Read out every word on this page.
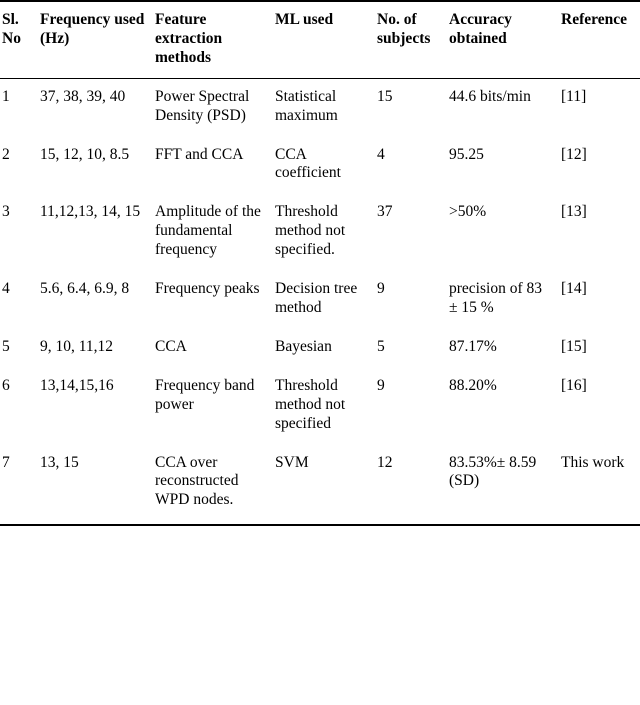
Sl. No	Frequency used (Hz)	Feature extraction methods	ML used	No. of subjects	Accuracy obtained	Reference
1	37, 38, 39, 40	Power Spectral Density (PSD)	Statistical maximum	15	44.6 bits/min	[11]
2	15, 12, 10, 8.5	FFT and CCA	CCA coefficient	4	95.25	[12]
3	11,12,13, 14, 15	Amplitude of the fundamental frequency	Threshold method not specified.	37	>50%	[13]
4	5.6, 6.4, 6.9, 8	Frequency peaks	Decision tree method	9	precision of 83 ± 15 %	[14]
5	9, 10, 11,12	CCA	Bayesian	5	87.17%	[15]
6	13,14,15,16	Frequency band power	Threshold method not specified	9	88.20%	[16]
7	13, 15	CCA over reconstructed WPD nodes.	SVM	12	83.53%± 8.59 (SD)	This work
